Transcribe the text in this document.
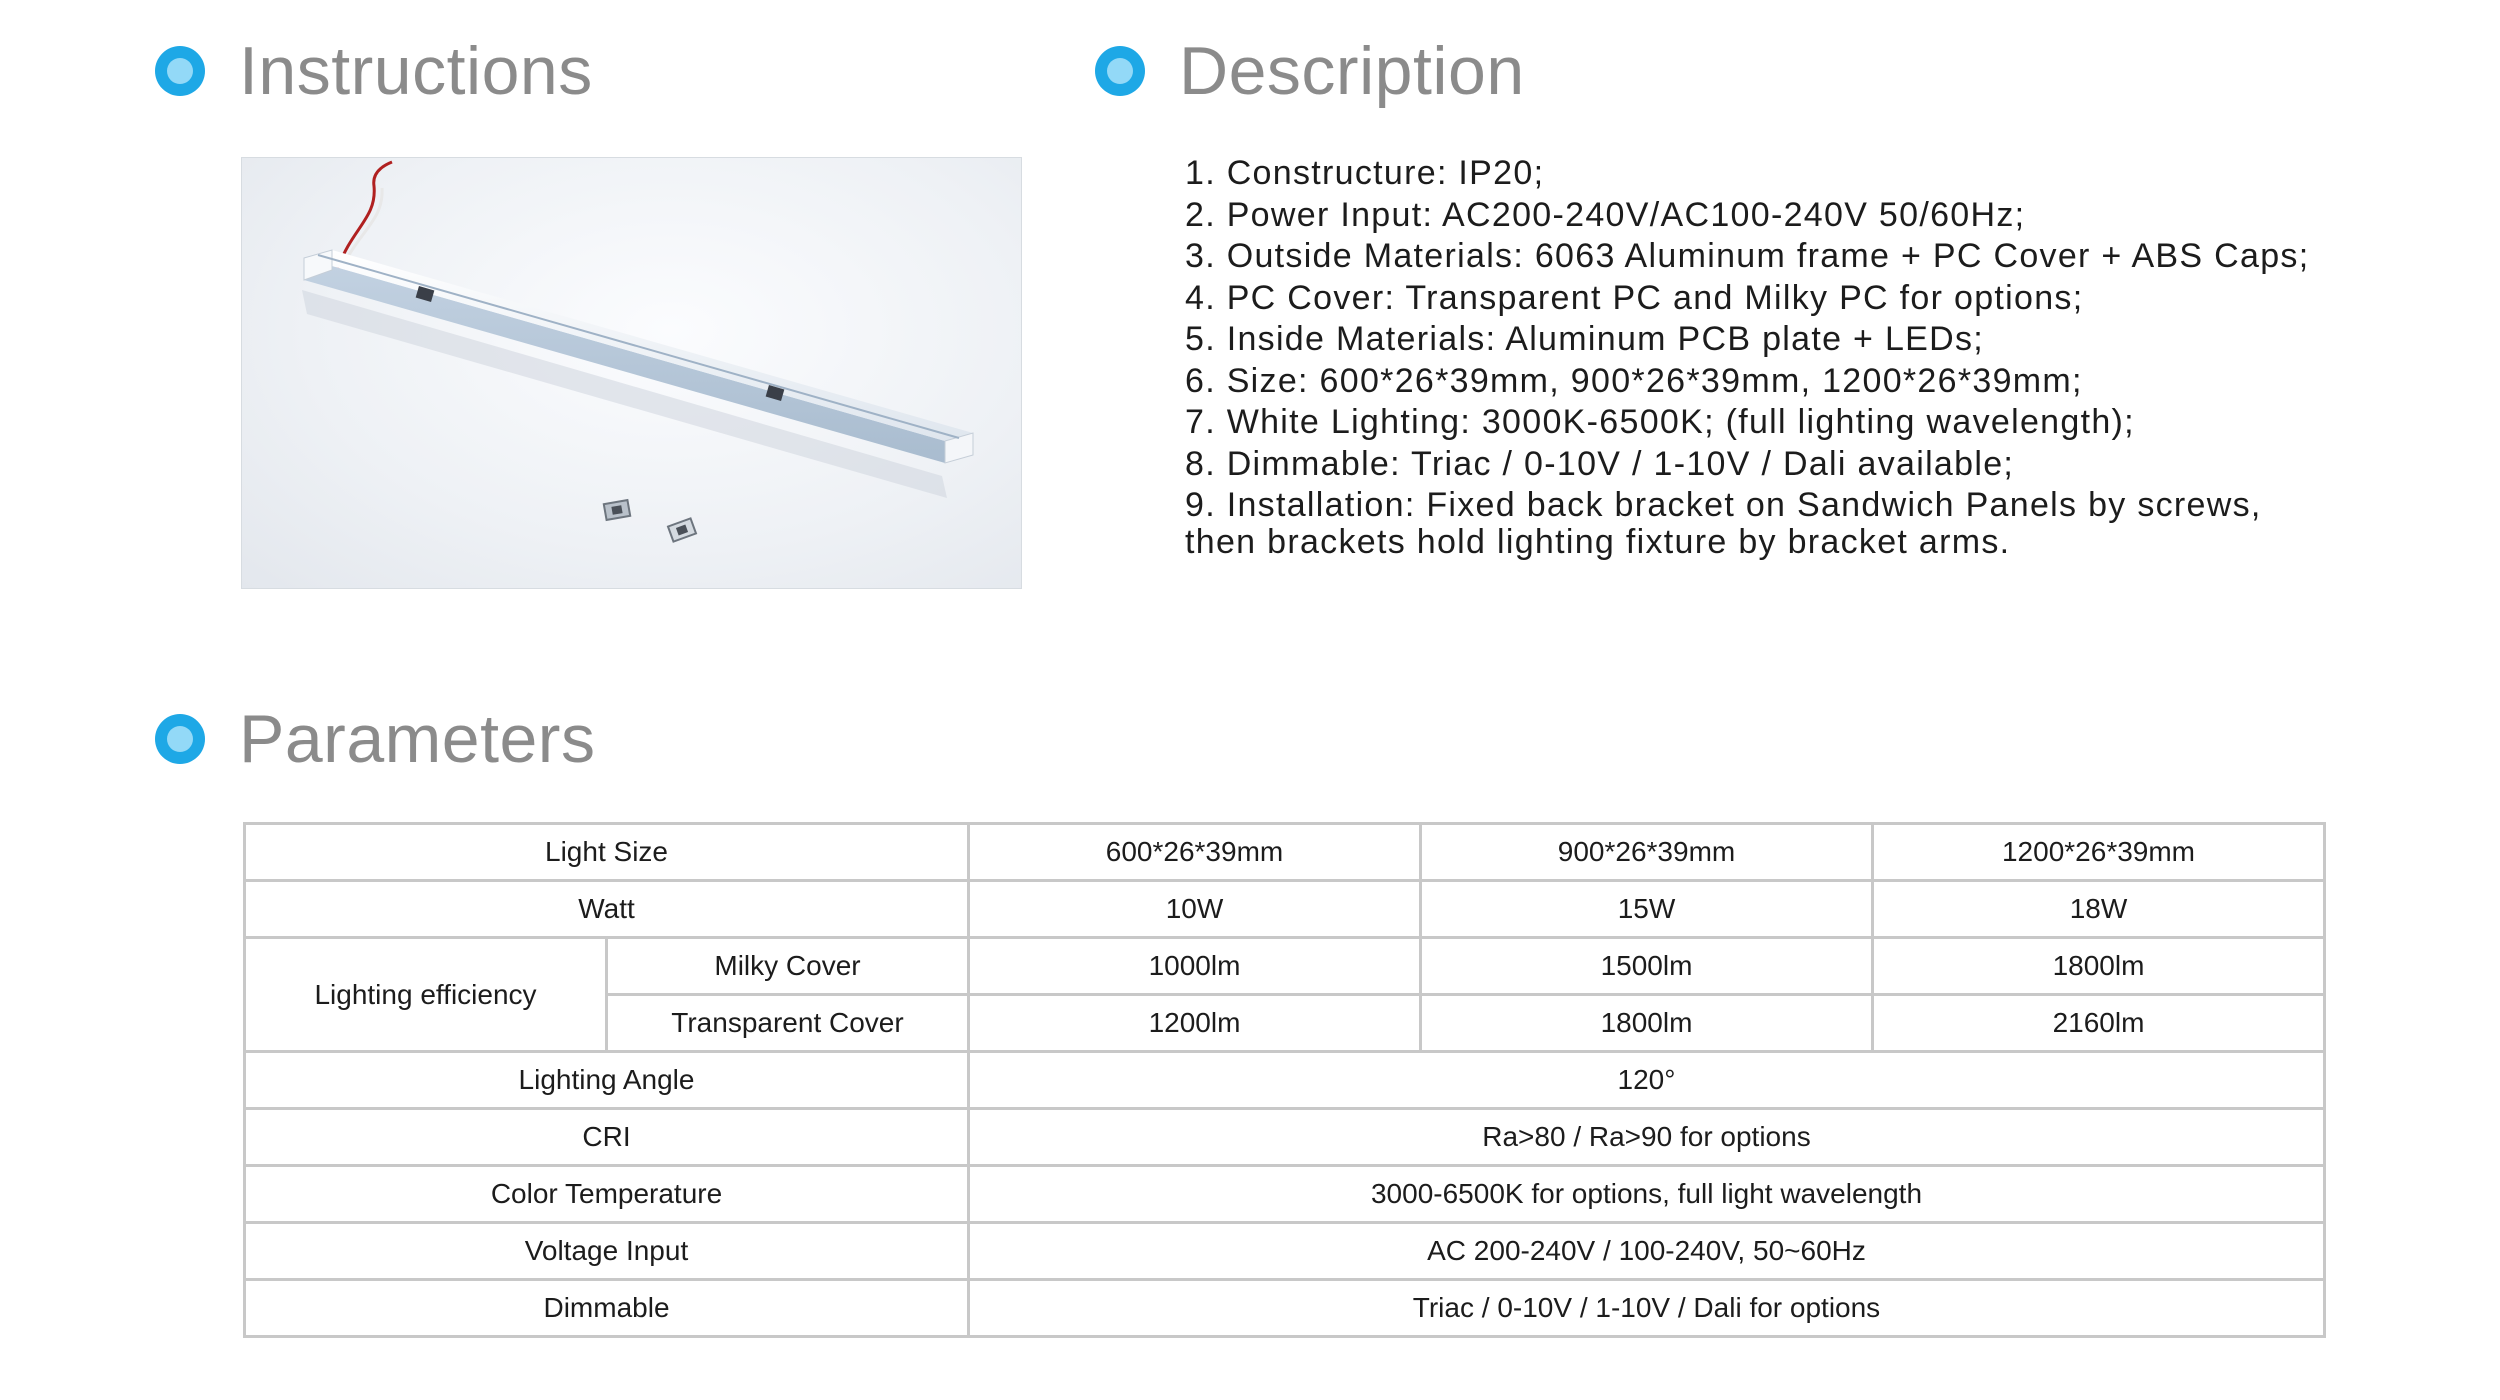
Instructions	Description
Parameters
1. Constructure: IP20;
2. Power Input: AC200-240V/AC100-240V 50/60Hz;
3. Outside Materials: 6063 Aluminum frame + PC Cover + ABS Caps;
4. PC Cover: Transparent PC and Milky PC for options;
5. Inside Materials: Aluminum PCB plate + LEDs;
6. Size: 600*26*39mm, 900*26*39mm, 1200*26*39mm;
7. White Lighting: 3000K-6500K; (full lighting wavelength);
8. Dimmable: Triac / 0-10V / 1-10V / Dali available;
9. Installation: Fixed back bracket on Sandwich Panels by screws,
then brackets hold lighting fixture by bracket arms.
Light Size		600*26*39mm	900*26*39mm	1200*26*39mm
Watt		10W	15W	18W
Lighting efficiency	Milky Cover	1000lm	1500lm	1800lm
	Transparent Cover	1200lm	1800lm	2160lm
Lighting Angle		120°		
CRI		Ra>80 / Ra>90 for options		
Color Temperature		3000-6500K for options, full light wavelength		
Voltage Input		AC 200-240V / 100-240V, 50~60Hz		
Dimmable		Triac / 0-10V / 1-10V / Dali for options		
